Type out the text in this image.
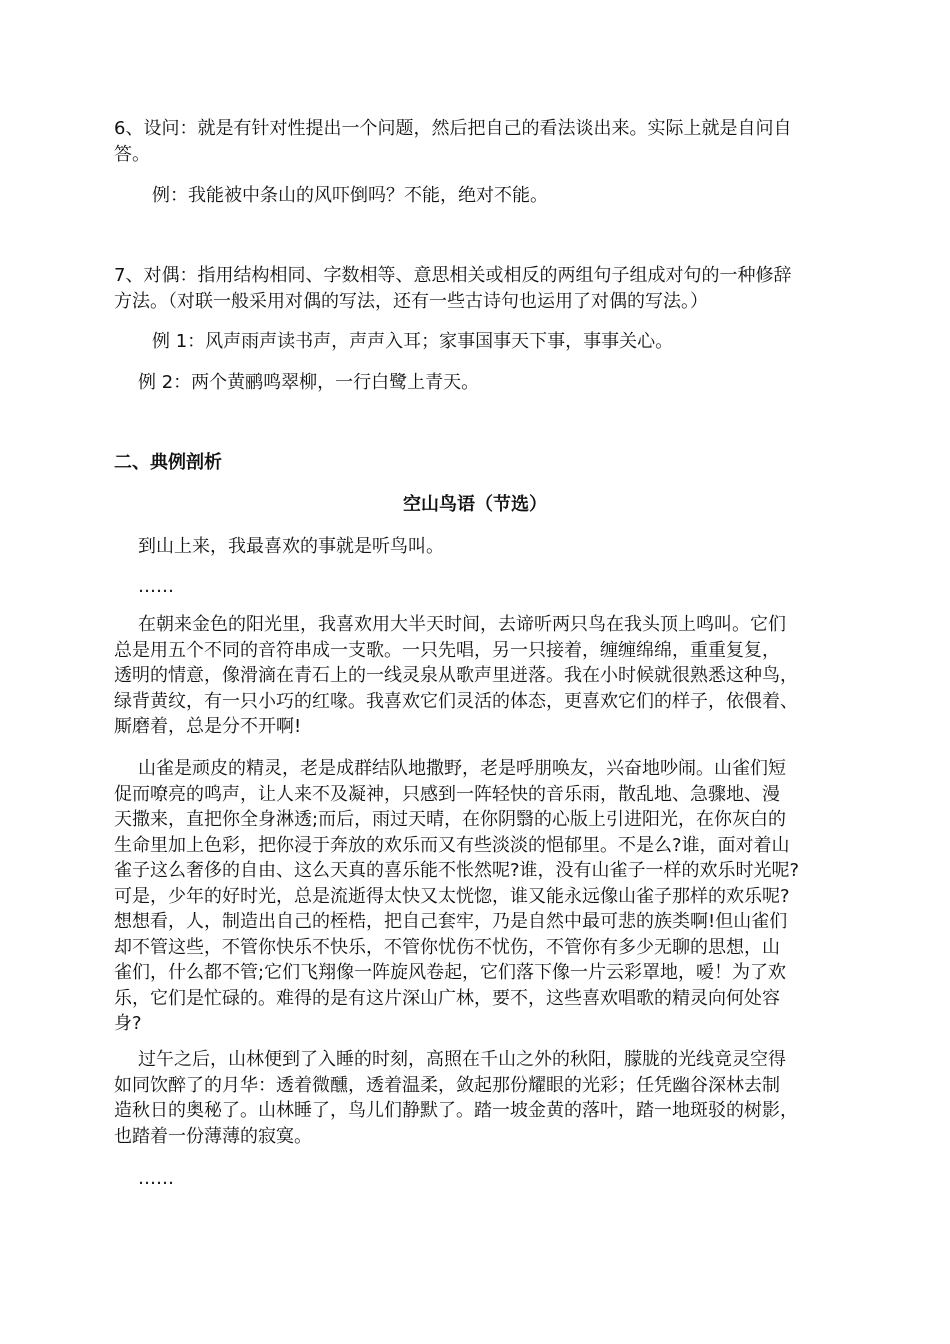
6、设问：就是有针对性提出一个问题，然后把自己的看法谈出来。实际上就是自问自
答。
例：我能被中条山的风吓倒吗？不能，绝对不能。
7、对偶：指用结构相同、字数相等、意思相关或相反的两组句子组成对句的一种修辞
方法。（对联一般采用对偶的写法，还有一些古诗句也运用了对偶的写法。）
例 1：风声雨声读书声，声声入耳；家事国事天下事，事事关心。
例 2：两个黄鹂鸣翠柳，一行白鹭上青天。
二、典例剖析
空山鸟语（节选）
到山上来，我最喜欢的事就是听鸟叫。
……
在朝来金色的阳光里，我喜欢用大半天时间，去谛听两只鸟在我头顶上鸣叫。它们
总是用五个不同的音符串成一支歌。一只先唱，另一只接着，缠缠绵绵，重重复复，
透明的情意，像滑滴在青石上的一线灵泉从歌声里迸落。我在小时候就很熟悉这种鸟，
绿背黄纹，有一只小巧的红喙。我喜欢它们灵活的体态，更喜欢它们的样子，依偎着、
厮磨着，总是分不开啊!
山雀是顽皮的精灵，老是成群结队地撒野，老是呼朋唤友，兴奋地吵闹。山雀们短
促而嘹亮的鸣声，让人来不及凝神，只感到一阵轻快的音乐雨，散乱地、急骤地、漫
天撒来，直把你全身淋透;而后，雨过天晴，在你阴翳的心版上引进阳光，在你灰白的
生命里加上色彩，把你浸于奔放的欢乐而又有些淡淡的悒郁里。不是么?谁，面对着山
雀子这么奢侈的自由、这么天真的喜乐能不怅然呢?谁，没有山雀子一样的欢乐时光呢?
可是，少年的好时光，总是流逝得太快又太恍惚，谁又能永远像山雀子那样的欢乐呢?
想想看，人，制造出自己的桎梏，把自己套牢，乃是自然中最可悲的族类啊!但山雀们
却不管这些，不管你快乐不快乐，不管你忧伤不忧伤，不管你有多少无聊的思想，山
雀们，什么都不管;它们飞翔像一阵旋风卷起，它们落下像一片云彩罩地，嗳！为了欢
乐，它们是忙碌的。难得的是有这片深山广林，要不，这些喜欢唱歌的精灵向何处容
身?
过午之后，山林便到了入睡的时刻，高照在千山之外的秋阳，朦胧的光线竟灵空得
如同饮醉了的月华：透着微醺，透着温柔，敛起那份耀眼的光彩；任凭幽谷深林去制
造秋日的奥秘了。山林睡了，鸟儿们静默了。踏一坡金黄的落叶，踏一地斑驳的树影，
也踏着一份薄薄的寂寞。
……
